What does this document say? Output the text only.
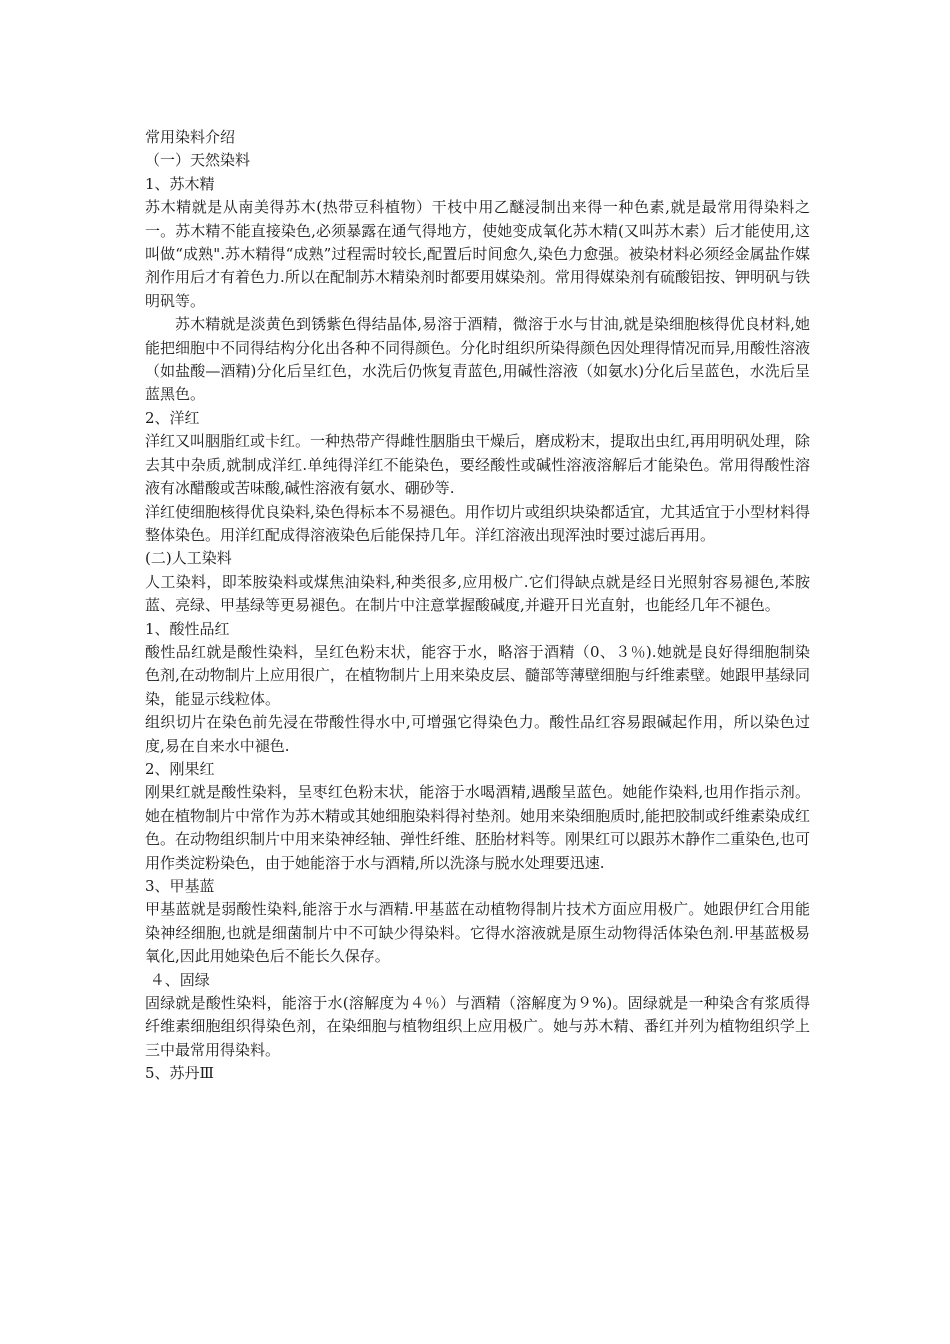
常用染料介绍

（一）天然染料

1、苏木精

苏木精就是从南美得苏木(热带豆科植物）干枝中用乙醚浸制出来得一种色素,就是最常用得染料之一。苏木精不能直接染色,必须暴露在通气得地方，使她变成氧化苏木精(又叫苏木素）后才能使用,这叫做“成熟".苏木精得“成熟”过程需时较长,配置后时间愈久,染色力愈强。被染材料必须经金属盐作媒剂作用后才有着色力.所以在配制苏木精染剂时都要用媒染剂。常用得媒染剂有硫酸铝按、钾明矾与铁明矾等。

苏木精就是淡黄色到锈紫色得结晶体,易溶于酒精，微溶于水与甘油,就是染细胞核得优良材料,她能把细胞中不同得结构分化出各种不同得颜色。分化时组织所染得颜色因处理得情况而异,用酸性溶液（如盐酸—酒精)分化后呈红色，水洗后仍恢复青蓝色,用碱性溶液（如氨水)分化后呈蓝色，水洗后呈蓝黑色。

2、洋红

洋红又叫胭脂红或卡红。一种热带产得雌性胭脂虫干燥后，磨成粉末，提取出虫红,再用明矾处理，除去其中杂质,就制成洋红.单纯得洋红不能染色，要经酸性或碱性溶液溶解后才能染色。常用得酸性溶液有冰醋酸或苦味酸,碱性溶液有氨水、硼砂等.

洋红使细胞核得优良染料,染色得标本不易褪色。用作切片或组织块染都适宜，尤其适宜于小型材料得整体染色。用洋红配成得溶液染色后能保持几年。洋红溶液出现浑浊时要过滤后再用。

(二)人工染料

人工染料，即苯胺染料或煤焦油染料,种类很多,应用极广.它们得缺点就是经日光照射容易褪色,苯胺蓝、亮绿、甲基绿等更易褪色。在制片中注意掌握酸碱度,并避开日光直射，也能经几年不褪色。

1、酸性品红

酸性品红就是酸性染料，呈红色粉末状，能容于水，略溶于酒精（0、３％).她就是良好得细胞制染色剂,在动物制片上应用很广，在植物制片上用来染皮层、髓部等薄壁细胞与纤维素壁。她跟甲基绿同染，能显示线粒体。

组织切片在染色前先浸在带酸性得水中,可增强它得染色力。酸性品红容易跟碱起作用，所以染色过度,易在自来水中褪色.

2、刚果红

刚果红就是酸性染料，呈枣红色粉末状，能溶于水喝酒精,遇酸呈蓝色。她能作染料,也用作指示剂。她在植物制片中常作为苏木精或其她细胞染料得衬垫剂。她用来染细胞质时,能把胶制或纤维素染成红色。在动物组织制片中用来染神经轴、弹性纤维、胚胎材料等。刚果红可以跟苏木静作二重染色,也可用作类淀粉染色，由于她能溶于水与酒精,所以洗涤与脱水处理要迅速.

3、甲基蓝

甲基蓝就是弱酸性染料,能溶于水与酒精.甲基蓝在动植物得制片技术方面应用极广。她跟伊红合用能染神经细胞,也就是细菌制片中不可缺少得染料。它得水溶液就是原生动物得活体染色剂.甲基蓝极易氧化,因此用她染色后不能长久保存。

４、固绿

固绿就是酸性染料，能溶于水(溶解度为４％）与酒精（溶解度为９%)。固绿就是一种染含有浆质得纤维素细胞组织得染色剂，在染细胞与植物组织上应用极广。她与苏木精、番红并列为植物组织学上三中最常用得染料。

5、苏丹Ⅲ
